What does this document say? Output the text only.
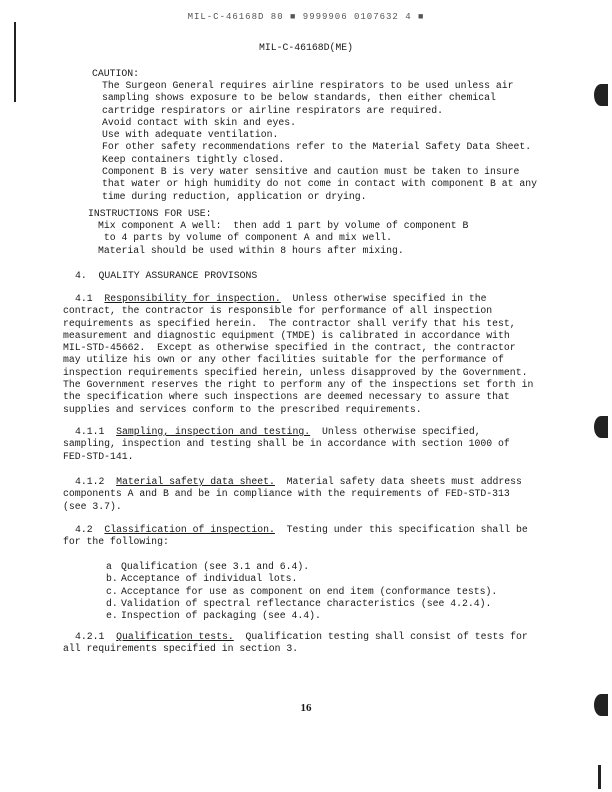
MIL-C-46168D 80 ■ 9999906 0107632 4 ■
MIL-C-46168D(ME)
CAUTION:
The Surgeon General requires airline respirators to be used unless air
sampling shows exposure to be below standards, then either chemical
cartridge respirators or airline respirators are required.
Avoid contact with skin and eyes.
Use with adequate ventilation.
For other safety recommendations refer to the Material Safety Data Sheet.
Keep containers tightly closed.
Component B is very water sensitive and caution must be taken to insure
that water or high humidity do not come in contact with component B at any
time during reduction, application or drying.
INSTRUCTIONS FOR USE:
Mix component A well:  then add 1 part by volume of component B
to 4 parts by volume of component A and mix well.
Material should be used within 8 hours after mixing.
4.  QUALITY ASSURANCE PROVISONS
4.1 Responsibility for inspection.  Unless otherwise specified in the
contract, the contractor is responsible for performance of all inspection
requirements as specified herein.  The contractor shall verify that his test,
measurement and diagnostic equipment (TMDE) is calibrated in accordance with
MIL-STD-45662.  Except as otherwise specified in the contract, the contractor
may utilize his own or any other facilities suitable for the performance of
inspection requirements specified herein, unless disapproved by the Government.
The Government reserves the right to perform any of the inspections set forth in
the specification where such inspections are deemed necessary to assure that
supplies and services conform to the prescribed requirements.
4.1.1 Sampling, inspection and testing.  Unless otherwise specified,
sampling, inspection and testing shall be in accordance with section 1000 of
FED-STD-141.
4.1.2 Material safety data sheet.  Material safety data sheets must address
components A and B and be in compliance with the requirements of FED-STD-313
(see 3.7).
4.2 Classification of inspection.  Testing under this specification shall be
for the following:
a Qualification (see 3.1 and 6.4).
b. Acceptance of individual lots.
c. Acceptance for use as component on end item (conformance tests).
d. Validation of spectral reflectance characteristics (see 4.2.4).
e. Inspection of packaging (see 4.4).
4.2.1 Qualification tests.  Qualification testing shall consist of tests for
all requirements specified in section 3.
16
